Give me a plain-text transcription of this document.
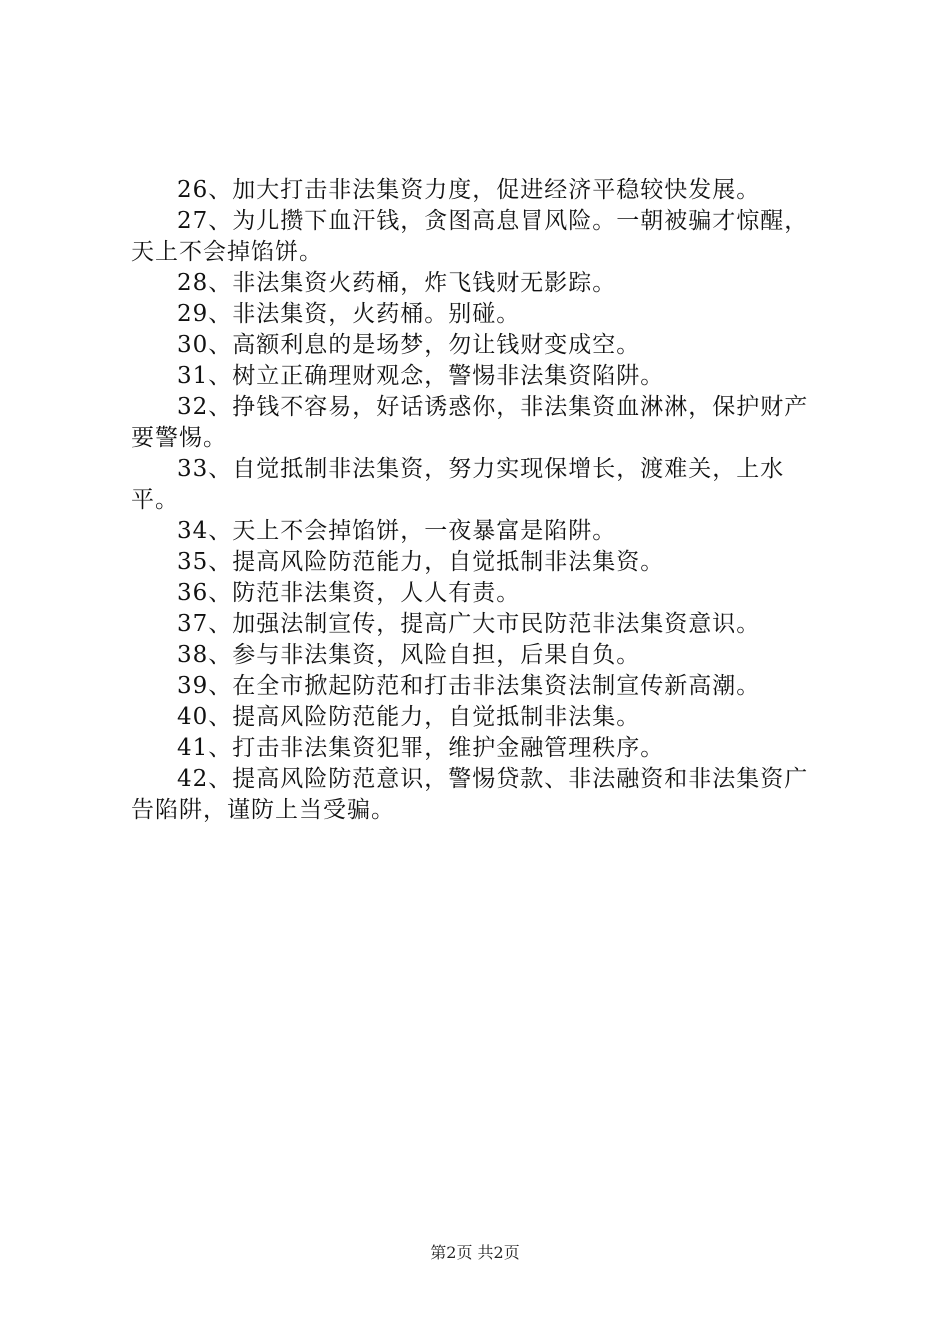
26、加大打击非法集资力度，促进经济平稳较快发展。

27、为儿攒下血汗钱，贪图高息冒风险。一朝被骗才惊醒，天上不会掉馅饼。

28、非法集资火药桶，炸飞钱财无影踪。

29、非法集资，火药桶。别碰。

30、高额利息的是场梦，勿让钱财变成空。

31、树立正确理财观念，警惕非法集资陷阱。

32、挣钱不容易，好话诱惑你，非法集资血淋淋，保护财产要警惕。

33、自觉抵制非法集资，努力实现保增长，渡难关，上水平。

34、天上不会掉馅饼，一夜暴富是陷阱。

35、提高风险防范能力，自觉抵制非法集资。

36、防范非法集资，人人有责。

37、加强法制宣传，提高广大市民防范非法集资意识。

38、参与非法集资，风险自担，后果自负。

39、在全市掀起防范和打击非法集资法制宣传新高潮。

40、提高风险防范能力，自觉抵制非法集。

41、打击非法集资犯罪，维护金融管理秩序。

42、提高风险防范意识，警惕贷款、非法融资和非法集资广告陷阱，谨防上当受骗。

第2页 共2页
